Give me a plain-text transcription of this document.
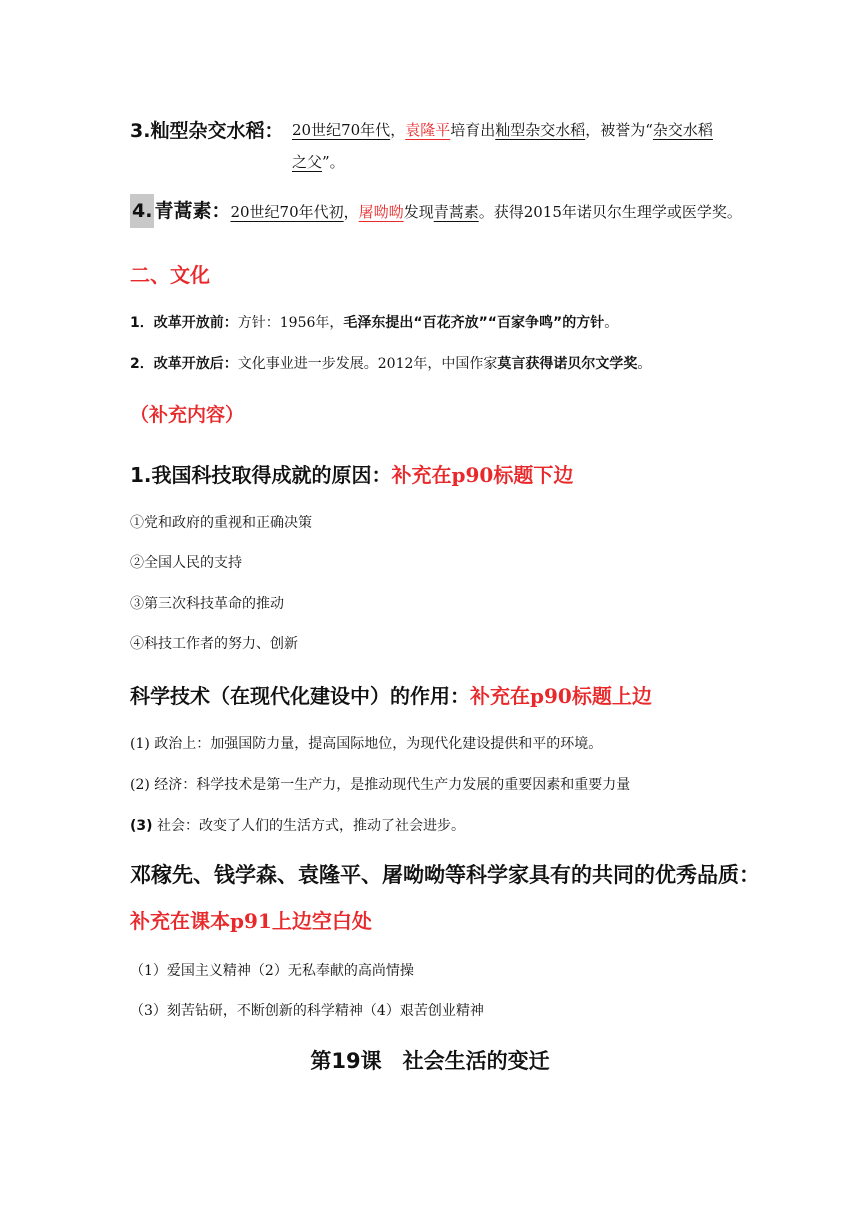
3.籼型杂交水稻： 20世纪70年代，袁隆平培育出籼型杂交水稻，被誉为“杂交水稻
之父”。
4. 青蒿素：20世纪70年代初，屠呦呦发现青蒿素。获得2015年诺贝尔生理学或医学奖。
二、文化
1．改革开放前：方针：1956年，毛泽东提出“百花齐放”“百家争鸣”的方针。
2．改革开放后：文化事业进一步发展。2012年，中国作家莫言获得诺贝尔文学奖。
（补充内容）
1.我国科技取得成就的原因：补充在p90标题下边
①党和政府的重视和正确决策
②全国人民的支持
③第三次科技革命的推动
④科技工作者的努力、创新
科学技术（在现代化建设中）的作用：补充在p90标题上边
(1) 政治上：加强国防力量，提高国际地位，为现代化建设提供和平的环境。
(2) 经济：科学技术是第一生产力，是推动现代生产力发展的重要因素和重要力量
(3) 社会：改变了人们的生活方式，推动了社会进步。
邓稼先、钱学森、袁隆平、屠呦呦等科学家具有的共同的优秀品质：
补充在课本p91上边空白处
（1）爱国主义精神（2）无私奉献的高尚情操
（3）刻苦钻研，不断创新的科学精神（4）艰苦创业精神
第19课　社会生活的变迁
